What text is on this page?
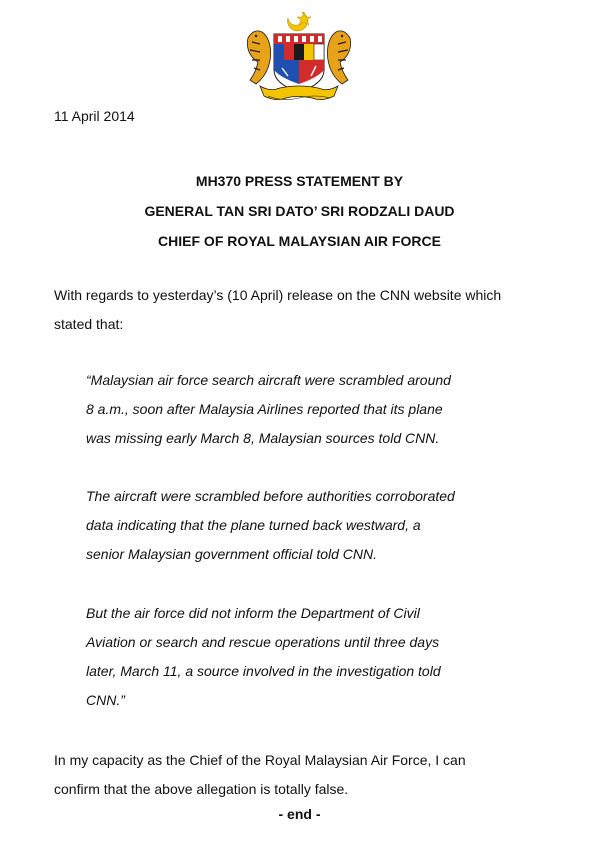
11 April 2014
MH370 PRESS STATEMENT BY
GENERAL TAN SRI DATO’ SRI RODZALI DAUD
CHIEF OF ROYAL MALAYSIAN AIR FORCE
With regards to yesterday’s (10 April) release on the CNN website which
stated that:
“Malaysian air force search aircraft were scrambled around
8 a.m., soon after Malaysia Airlines reported that its plane
was missing early March 8, Malaysian sources told CNN.
The aircraft were scrambled before authorities corroborated
data indicating that the plane turned back westward, a
senior Malaysian government official told CNN.
But the air force did not inform the Department of Civil
Aviation or search and rescue operations until three days
later, March 11, a source involved in the investigation told
CNN.”
In my capacity as the Chief of the Royal Malaysian Air Force, I can
confirm that the above allegation is totally false.
- end -
